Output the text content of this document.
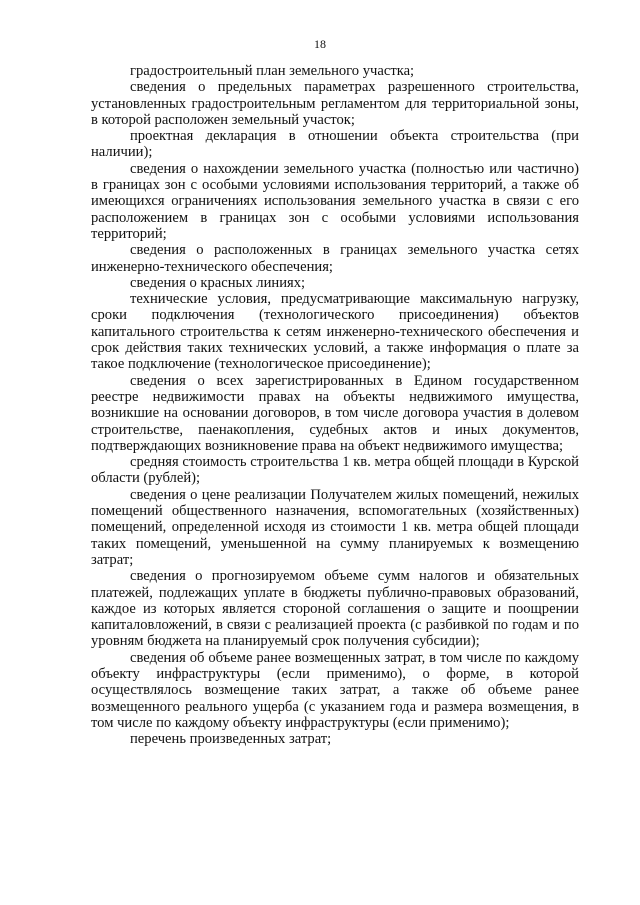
18

градостроительный план земельного участка;

сведения о предельных параметрах разрешенного строительства, установленных градостроительным регламентом для территориальной зоны, в которой расположен земельный участок;

проектная декларация в отношении объекта строительства (при наличии);

сведения о нахождении земельного участка (полностью или частично) в границах зон с особыми условиями использования территорий, а также об имеющихся ограничениях использования земельного участка в связи с его расположением в границах зон с особыми условиями использования территорий;

сведения о расположенных в границах земельного участка сетях инженерно-технического обеспечения;

сведения о красных линиях;

технические условия, предусматривающие максимальную нагрузку, сроки подключения (технологического присоединения) объектов капитального строительства к сетям инженерно-технического обеспечения и срок действия таких технических условий, а также информация о плате за такое подключение (технологическое присоединение);

сведения о всех зарегистрированных в Едином государственном реестре недвижимости правах на объекты недвижимого имущества, возникшие на основании договоров, в том числе договора участия в долевом строительстве, паенакопления, судебных актов и иных документов, подтверждающих возникновение права на объект недвижимого имущества;

средняя стоимость строительства 1 кв. метра общей площади в Курской области (рублей);

сведения о цене реализации Получателем жилых помещений, нежилых помещений общественного назначения, вспомогательных (хозяйственных) помещений, определенной исходя из стоимости 1 кв. метра общей площади таких помещений, уменьшенной на сумму планируемых к возмещению затрат;

сведения о прогнозируемом объеме сумм налогов и обязательных платежей, подлежащих уплате в бюджеты публично-правовых образований, каждое из которых является стороной соглашения о защите и поощрении капиталовложений, в связи с реализацией проекта (с разбивкой по годам и по уровням бюджета на планируемый срок получения субсидии);

сведения об объеме ранее возмещенных затрат, в том числе по каждому объекту инфраструктуры (если применимо), о форме, в которой осуществлялось возмещение таких затрат, а также об объеме ранее возмещенного реального ущерба (с указанием года и размера возмещения, в том числе по каждому объекту инфраструктуры (если применимо);

перечень произведенных затрат;
